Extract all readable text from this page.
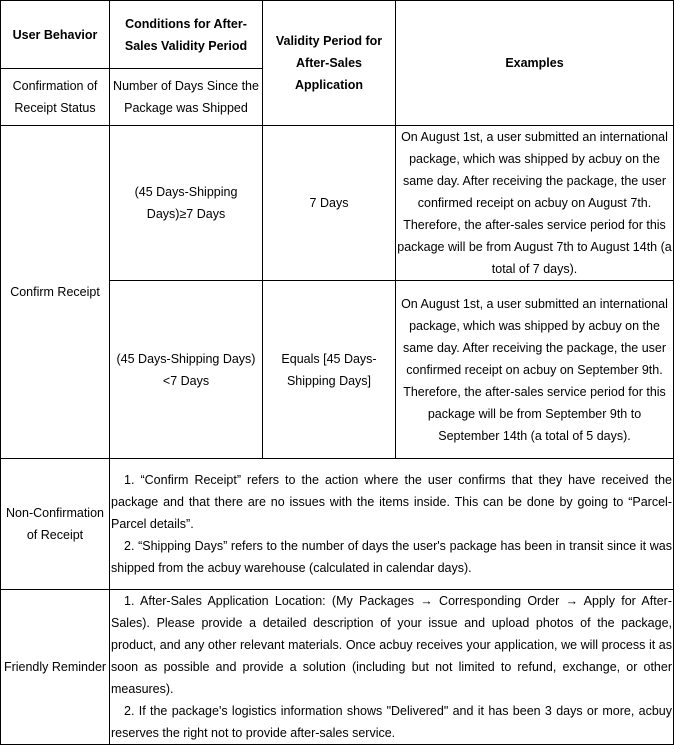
User Behavior	Conditions for After-Sales Validity Period	Validity Period for After-Sales Application	Examples
Confirmation of Receipt Status	Number of Days Since the Package was Shipped		
Confirm Receipt	(45 Days-Shipping Days)≥7 Days	7 Days	On August 1st, a user submitted an international package, which was shipped by acbuy on the same day. After receiving the package, the user confirmed receipt on acbuy on August 7th. Therefore, the after-sales service period for this package will be from August 7th to August 14th (a total of 7 days).
	(45 Days-Shipping Days) <7 Days	Equals [45 Days-Shipping Days]	On August 1st, a user submitted an international package, which was shipped by acbuy on the same day. After receiving the package, the user confirmed receipt on acbuy on September 9th. Therefore, the after-sales service period for this package will be from September 9th to September 14th (a total of 5 days).
Non-Confirmation of Receipt	1. “Confirm Receipt” refers to the action where the user confirms that they have received the package and that there are no issues with the items inside. This can be done by going to “Parcel-Parcel details”.
2. “Shipping Days” refers to the number of days the user's package has been in transit since it was shipped from the acbuy warehouse (calculated in calendar days).		

Friendly Reminder	1. After-Sales Application Location: (My Packages → Corresponding Order → Apply for After-Sales). Please provide a detailed description of your issue and upload photos of the package, product, and any other relevant materials. Once acbuy receives your application, we will process it as soon as possible and provide a solution (including but not limited to refund, exchange, or other measures).
2. If the package's logistics information shows "Delivered" and it has been 3 days or more, acbuy reserves the right not to provide after-sales service.		
